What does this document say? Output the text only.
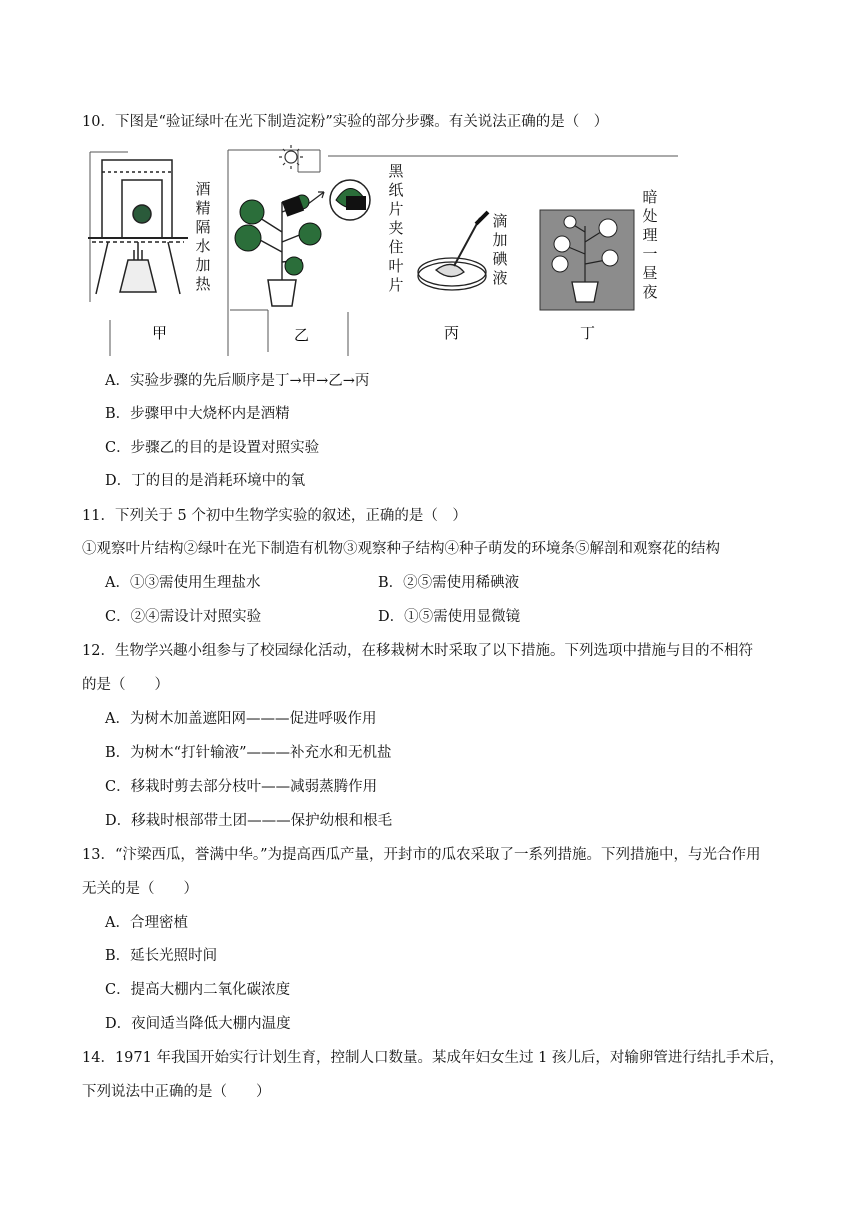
10．下图是“验证绿叶在光下制造淀粉”实验的部分步骤。有关说法正确的是（　）
甲	乙	丙	丁
酒
精
隔
水
加
热
黑
纸
片
夹
住
叶
片
滴
加
碘
液
暗
处
理
一
昼
夜
A．实验步骤的先后顺序是丁→甲→乙→丙
B．步骤甲中大烧杯内是酒精
C．步骤乙的目的是设置对照实验
D．丁的目的是消耗环境中的氧
11．下列关于 5 个初中生物学实验的叙述，正确的是（　）
①观察叶片结构②绿叶在光下制造有机物③观察种子结构④种子萌发的环境条⑤解剖和观察花的结构
A．①③需使用生理盐水	B．②⑤需使用稀碘液
C．②④需设计对照实验	D．①⑤需使用显微镜
12．生物学兴趣小组参与了校园绿化活动，在移栽树木时采取了以下措施。下列选项中措施与目的不相符
的是（　　）
A．为树木加盖遮阳网———促进呼吸作用
B．为树木“打针输液”———补充水和无机盐
C．移栽时剪去部分枝叶——减弱蒸腾作用
D．移栽时根部带土团———保护幼根和根毛
13．“汴梁西瓜，誉满中华。”为提高西瓜产量，开封市的瓜农采取了一系列措施。下列措施中，与光合作用
无关的是（　　）
A．合理密植
B．延长光照时间
C．提高大棚内二氧化碳浓度
D．夜间适当降低大棚内温度
14．1971 年我国开始实行计划生育，控制人口数量。某成年妇女生过 1 孩儿后，对输卵管进行结扎手术后，
下列说法中正确的是（　　）
